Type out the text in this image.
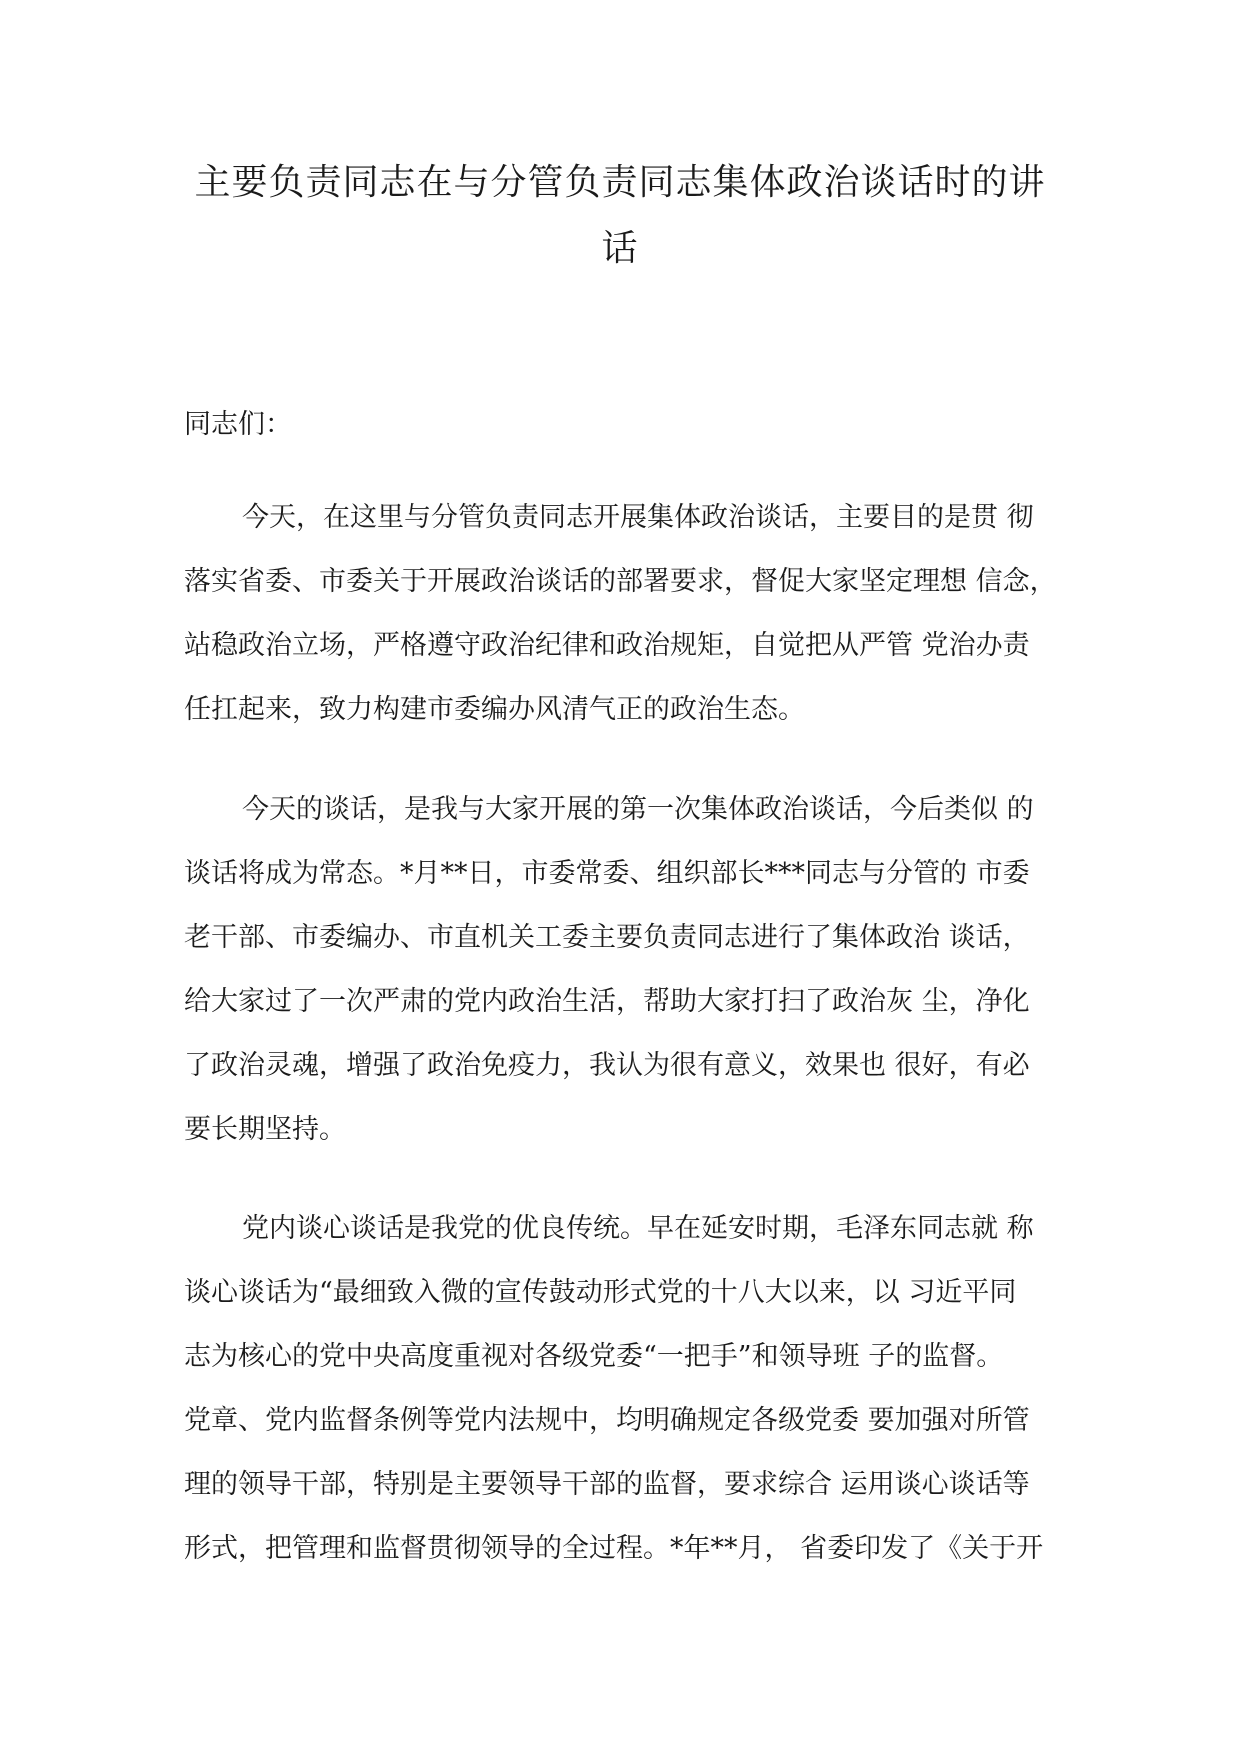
主要负责同志在与分管负责同志集体政治谈话时的讲
话
同志们：
今天，在这里与分管负责同志开展集体政治谈话，主要目的是贯 彻
落实省委、市委关于开展政治谈话的部署要求，督促大家坚定理想 信念，
站稳政治立场，严格遵守政治纪律和政治规矩，自觉把从严管 党治办责
任扛起来，致力构建市委编办风清气正的政治生态。
今天的谈话，是我与大家开展的第一次集体政治谈话，今后类似 的
谈话将成为常态。*月**日，市委常委、组织部长***同志与分管的 市委
老干部、市委编办、市直机关工委主要负责同志进行了集体政治 谈话，
给大家过了一次严肃的党内政治生活，帮助大家打扫了政治灰 尘，净化
了政治灵魂，增强了政治免疫力，我认为很有意义，效果也 很好，有必
要长期坚持。
党内谈心谈话是我党的优良传统。早在延安时期，毛泽东同志就 称
谈心谈话为“最细致入微的宣传鼓动形式党的十八大以来，以 习近平同
志为核心的党中央高度重视对各级党委“一把手”和领导班 子的监督。
党章、党内监督条例等党内法规中，均明确规定各级党委 要加强对所管
理的领导干部，特别是主要领导干部的监督，要求综合 运用谈心谈话等
形式，把管理和监督贯彻领导的全过程。*年**月， 省委印发了《关于开
